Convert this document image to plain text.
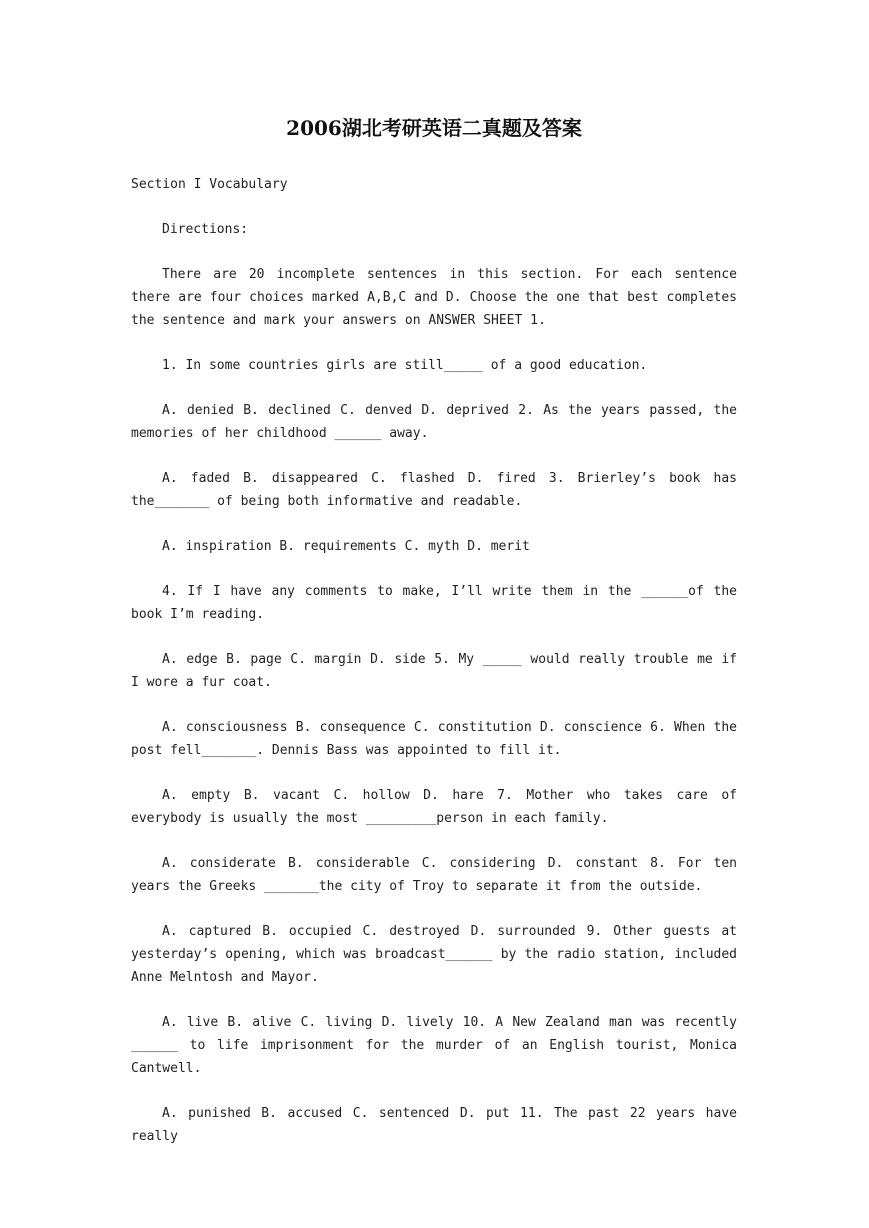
2006湖北考研英语二真题及答案

Section I Vocabulary

Directions:

There are 20 incomplete sentences in this section. For each sentence there are four choices marked A,B,C and D. Choose the one that best completes the sentence and mark your answers on ANSWER SHEET 1.

1. In some countries girls are still_____ of a good education.

A. denied B. declined C. denved D. deprived 2. As the years passed, the memories of her childhood ______ away.

A. faded B. disappeared C. flashed D. fired 3. Brierley’s book has the_______ of being both informative and readable.

A. inspiration B. requirements C. myth D. merit

4. If I have any comments to make, I’ll write them in the ______of the book I’m reading.

A. edge B. page C. margin D. side 5. My _____ would really trouble me if I wore a fur coat.

A. consciousness B. consequence C. constitution D. conscience 6. When the post fell_______. Dennis Bass was appointed to fill it.

A. empty B. vacant C. hollow D. hare 7. Mother who takes care of everybody is usually the most _________person in each family.

A. considerate B. considerable C. considering D. constant 8. For ten years the Greeks _______the city of Troy to separate it from the outside.

A. captured B. occupied C. destroyed D. surrounded 9. Other guests at yesterday’s opening, which was broadcast______ by the radio station, included Anne Melntosh and Mayor.

A. live B. alive C. living D. lively 10. A New Zealand man was recently ______ to life imprisonment for the murder of an English tourist, Monica Cantwell.

A. punished B. accused C. sentenced D. put 11. The past 22 years have really
